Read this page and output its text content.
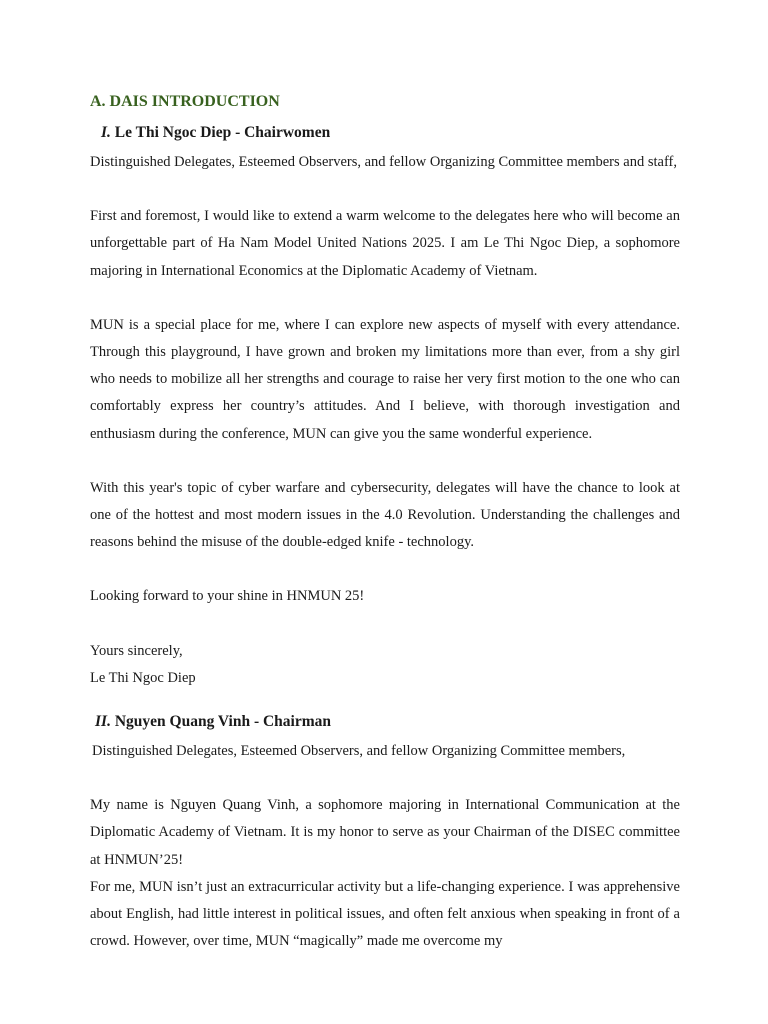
A. DAIS INTRODUCTION
I. Le Thi Ngoc Diep - Chairwomen

Distinguished Delegates, Esteemed Observers, and fellow Organizing Committee members and staff,

First and foremost, I would like to extend a warm welcome to the delegates here who will become an unforgettable part of Ha Nam Model United Nations 2025. I am Le Thi Ngoc Diep, a sophomore majoring in International Economics at the Diplomatic Academy of Vietnam.

MUN is a special place for me, where I can explore new aspects of myself with every attendance. Through this playground, I have grown and broken my limitations more than ever, from a shy girl who needs to mobilize all her strengths and courage to raise her very first motion to the one who can comfortably express her country’s attitudes. And I believe, with thorough investigation and enthusiasm during the conference, MUN can give you the same wonderful experience.

With this year's topic of cyber warfare and cybersecurity, delegates will have the chance to look at one of the hottest and most modern issues in the 4.0 Revolution. Understanding the challenges and reasons behind the misuse of the double-edged knife - technology.

Looking forward to your shine in HNMUN 25!

Yours sincerely,

Le Thi Ngoc Diep

II. Nguyen Quang Vinh - Chairman

Distinguished Delegates, Esteemed Observers, and fellow Organizing Committee members,

My name is Nguyen Quang Vinh, a sophomore majoring in International Communication at the Diplomatic Academy of Vietnam. It is my honor to serve as your Chairman of the DISEC committee at HNMUN’25!

For me, MUN isn’t just an extracurricular activity but a life-changing experience. I was apprehensive about English, had little interest in political issues, and often felt anxious when speaking in front of a crowd. However, over time, MUN “magically” made me overcome my
